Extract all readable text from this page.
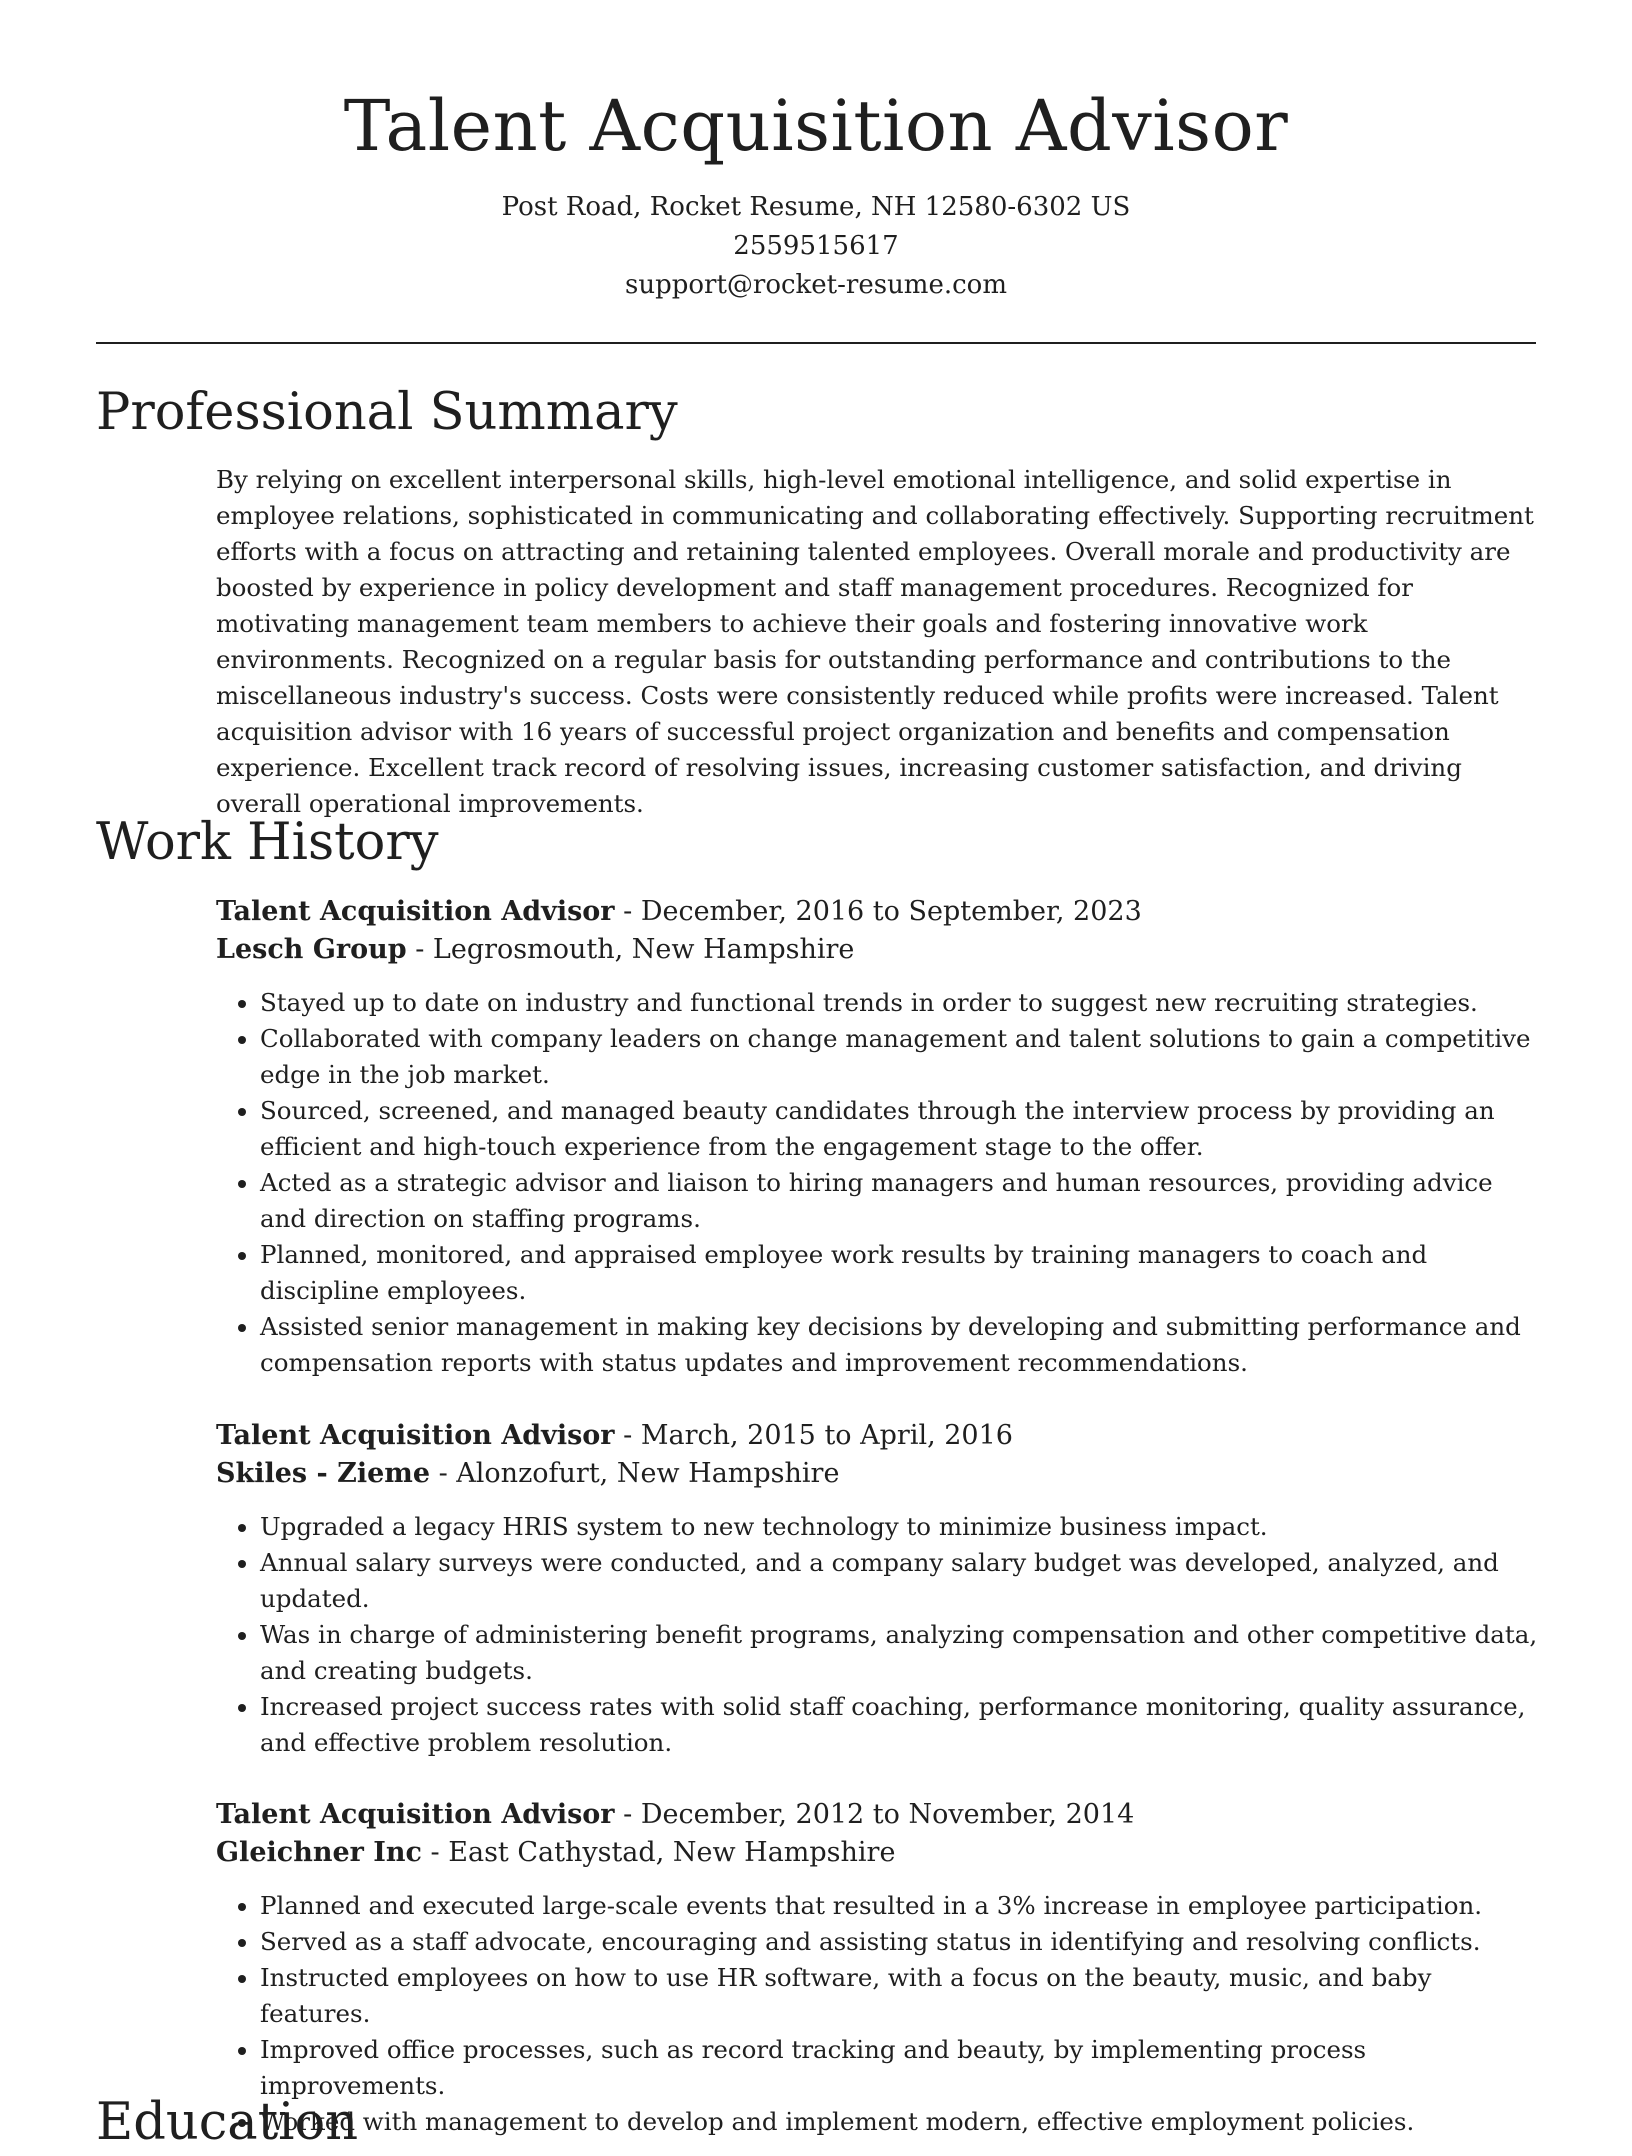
Talent Acquisition Advisor

Post Road, Rocket Resume, NH 12580-6302 US

2559515617

support@rocket-resume.com

Professional Summary

By relying on excellent interpersonal skills, high-level emotional intelligence, and solid expertise in employee relations, sophisticated in communicating and collaborating effectively. Supporting recruitment efforts with a focus on attracting and retaining talented employees. Overall morale and productivity are boosted by experience in policy development and staff management procedures. Recognized for motivating management team members to achieve their goals and fostering innovative work environments. Recognized on a regular basis for outstanding performance and contributions to the miscellaneous industry's success. Costs were consistently reduced while profits were increased. Talent acquisition advisor with 16 years of successful project organization and benefits and compensation experience. Excellent track record of resolving issues, increasing customer satisfaction, and driving overall operational improvements.

Work History

Talent Acquisition Advisor - December, 2016 to September, 2023

Lesch Group - Legrosmouth, New Hampshire

• Stayed up to date on industry and functional trends in order to suggest new recruiting strategies.
• Collaborated with company leaders on change management and talent solutions to gain a competitive edge in the job market.
• Sourced, screened, and managed beauty candidates through the interview process by providing an efficient and high-touch experience from the engagement stage to the offer.
• Acted as a strategic advisor and liaison to hiring managers and human resources, providing advice and direction on staffing programs.
• Planned, monitored, and appraised employee work results by training managers to coach and discipline employees.
• Assisted senior management in making key decisions by developing and submitting performance and compensation reports with status updates and improvement recommendations.

Talent Acquisition Advisor - March, 2015 to April, 2016

Skiles - Zieme - Alonzofurt, New Hampshire

• Upgraded a legacy HRIS system to new technology to minimize business impact.
• Annual salary surveys were conducted, and a company salary budget was developed, analyzed, and updated.
• Was in charge of administering benefit programs, analyzing compensation and other competitive data, and creating budgets.
• Increased project success rates with solid staff coaching, performance monitoring, quality assurance, and effective problem resolution.

Talent Acquisition Advisor - December, 2012 to November, 2014

Gleichner Inc - East Cathystad, New Hampshire

• Planned and executed large-scale events that resulted in a 3% increase in employee participation.
• Served as a staff advocate, encouraging and assisting status in identifying and resolving conflicts.
• Instructed employees on how to use HR software, with a focus on the beauty, music, and baby features.
• Improved office processes, such as record tracking and beauty, by implementing process improvements.
• Worked with management to develop and implement modern, effective employment policies.
Education
